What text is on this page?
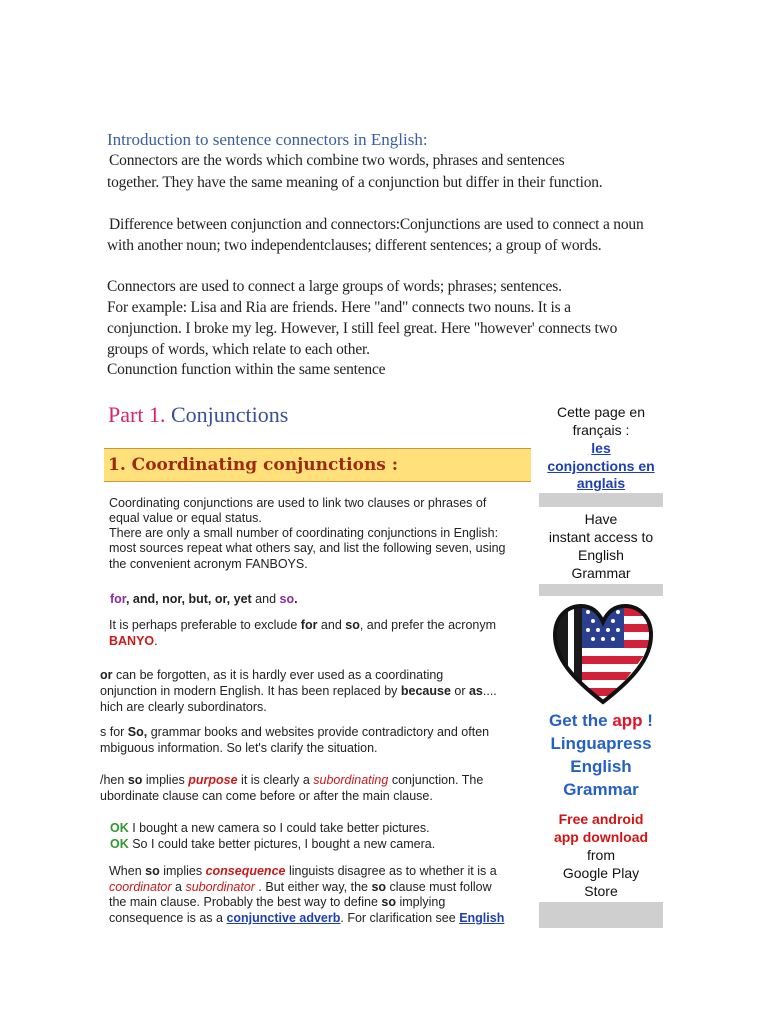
Introduction to sentence connectors in English:
Connectors are the words which combine two words, phrases and sentences
together. They have the same meaning of a conjunction but differ in their function.
Difference between conjunction and connectors:Conjunctions are used to connect a noun
with another noun; two independentclauses; different sentences; a group of words.
Connectors are used to connect a large groups of words; phrases; sentences.
For example: Lisa and Ria are friends. Here "and" connects two nouns. It is a
conjunction. I broke my leg. However, I still feel great. Here "however' connects two
groups of words, which relate to each other.
Conunction function within the same sentence
Part 1. Conjunctions
1. Coordinating conjunctions :
Coordinating conjunctions are used to link two clauses or phrases of
equal value or equal status.
There are only a small number of coordinating conjunctions in English:
most sources repeat what others say, and list the following seven, using
the convenient acronym FANBOYS.
for, and, nor, but, or, yet and so.
It is perhaps preferable to exclude for and so, and prefer the acronym
BANYO.
or can be forgotten, as it is hardly ever used as a coordinating
onjunction in modern English. It has been replaced by because or as....
hich are clearly subordinators.
s for So, grammar books and websites provide contradictory and often
mbiguous information. So let's clarify the situation.
/hen so implies purpose it is clearly a subordinating conjunction. The
ubordinate clause can come before or after the main clause.
OK I bought a new camera so I could take better pictures.
OK So I could take better pictures, I bought a new camera.
When so implies consequence linguists disagree as to whether it is a
coordinator a subordinator . But either way, the so clause must follow
the main clause. Probably the best way to define so implying
consequence is as a conjunctive adverb. For clarification see English
Cette page en
français :
les
conjonctions en
anglais
Have
instant access to
English
Grammar
Get the app !
Linguapress
English
Grammar
Free android
app download
from
Google Play
Store
